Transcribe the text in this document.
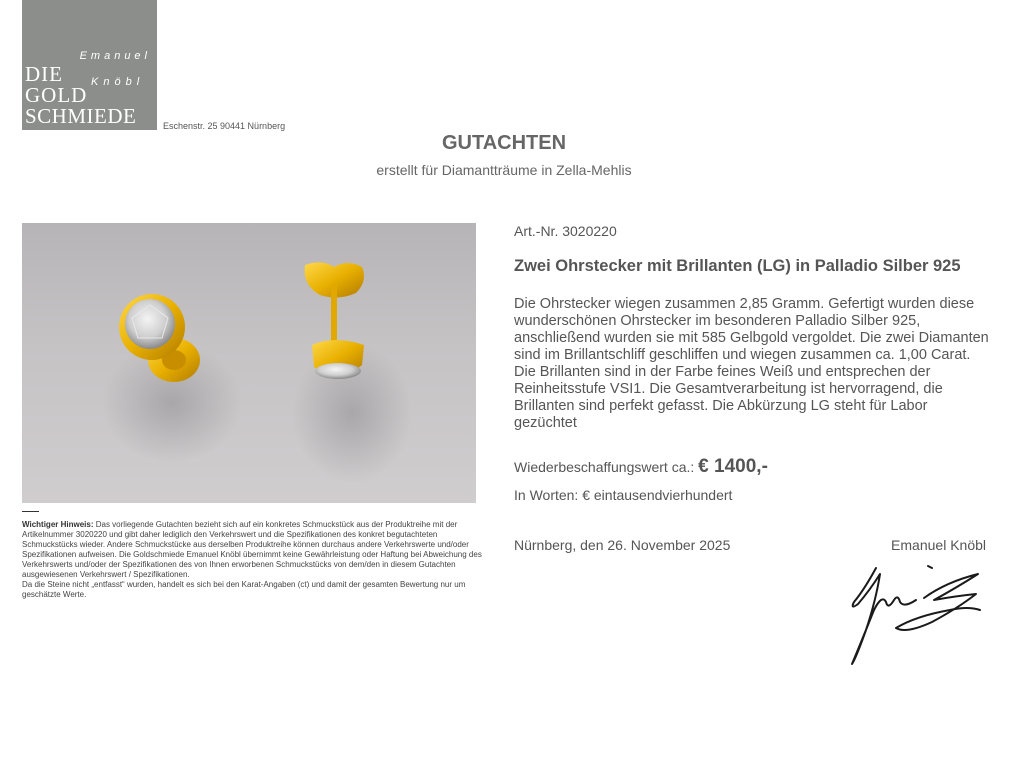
Emanuel
DIE	Knöbl
GOLD
SCHMIEDE	Eschenstr. 25 90441 Nürnberg
GUTACHTEN
erstellt für Diamantträume in Zella-Mehlis
Wichtiger Hinweis: Das vorliegende Gutachten bezieht sich auf ein konkretes Schmuckstück aus der Produktreihe mit der Artikelnummer 3020220 und gibt daher lediglich den Verkehrswert und die Spezifikationen des konkret begutachteten Schmuckstücks wieder. Andere Schmuckstücke aus derselben Produktreihe können durchaus andere Verkehrswerte und/oder Spezifikationen aufweisen. Die Goldschmiede Emanuel Knöbl übernimmt keine Gewährleistung oder Haftung bei Abweichung des Verkehrswerts und/oder der Spezifikationen des von Ihnen erworbenen Schmuckstücks von dem/den in diesem Gutachten ausgewiesenen Verkehrswert / Spezifikationen.
Da die Steine nicht „entfasst“ wurden, handelt es sich bei den Karat-Angaben (ct) und damit der gesamten Bewertung nur um geschätzte Werte.
Art.-Nr. 3020220
Zwei Ohrstecker mit Brillanten (LG) in Palladio Silber 925
Die Ohrstecker wiegen zusammen 2,85 Gramm. Gefertigt wurden diese wunderschönen Ohrstecker im besonderen Palladio Silber 925, anschließend wurden sie mit 585 Gelbgold vergoldet. Die zwei Diamanten sind im Brillantschliff geschliffen und wiegen zusammen ca. 1,00 Carat. Die Brillanten sind in der Farbe feines Weiß und entsprechen der Reinheitsstufe VSI1. Die Gesamtverarbeitung ist hervorragend, die Brillanten sind perfekt gefasst. Die Abkürzung LG steht für Labor gezüchtet
Wiederbeschaffungswert ca.: € 1400,-
In Worten: € eintausendvierhundert
Nürnberg, den 26. November 2025	Emanuel Knöbl
